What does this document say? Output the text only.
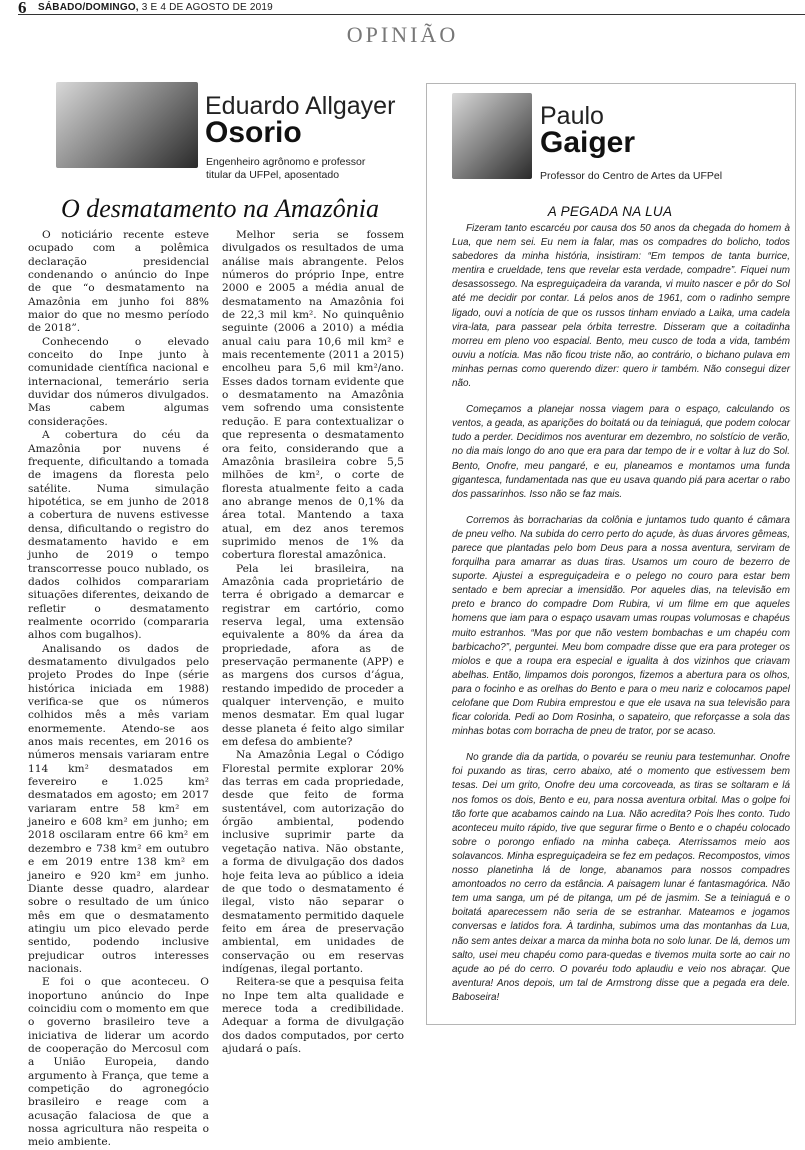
6 SÁBADO/DOMINGO, 3 E 4 DE AGOSTO DE 2019
OPINIÃO
Eduardo Allgayer
Osorio
Engenheiro agrônomo e professor
titular da UFPel, aposentado
O desmatamento na Amazônia

O noticiário recente esteve ocupado com a polêmica declaração presidencial condenando o anúncio do Inpe de que “o desmatamento na Amazônia em junho foi 88% maior do que no mesmo período de 2018”.

Conhecendo o elevado conceito do Inpe junto à comunidade científica nacional e internacional, temerário seria duvidar dos números divulgados. Mas cabem algumas considerações.

A cobertura do céu da Amazônia por nuvens é frequente, dificultando a tomada de imagens da floresta pelo satélite. Numa simulação hipotética, se em junho de 2018 a cobertura de nuvens estivesse densa, dificultando o registro do desmatamento havido e em junho de 2019 o tempo transcorresse pouco nublado, os dados colhidos comparariam situações diferentes, deixando de refletir o desmatamento realmente ocorrido (compararia alhos com bugalhos).

Analisando os dados de desmatamento divulgados pelo projeto Prodes do Inpe (série histórica iniciada em 1988) verifica-se que os números colhidos mês a mês variam enormemente. Atendo-se aos anos mais recentes, em 2016 os números mensais variaram entre 114 km² desmatados em fevereiro e 1.025 km² desmatados em agosto; em 2017 variaram entre 58 km² em janeiro e 608 km² em junho; em 2018 oscilaram entre 66 km² em dezembro e 738 km² em outubro e em 2019 entre 138 km² em janeiro e 920 km² em junho. Diante desse quadro, alardear sobre o resultado de um único mês em que o desmatamento atingiu um pico elevado perde sentido, podendo inclusive prejudicar outros interesses nacionais.

E foi o que aconteceu. O inoportuno anúncio do Inpe coincidiu com o momento em que o governo brasileiro teve a iniciativa de liderar um acordo de cooperação do Mercosul com a União Europeia, dando argumento à França, que teme a competição do agronegócio brasileiro e reage com a acusação falaciosa de que a nossa agricultura não respeita o meio ambiente.

Melhor seria se fossem divulgados os resultados de uma análise mais abrangente. Pelos números do próprio Inpe, entre 2000 e 2005 a média anual de desmatamento na Amazônia foi de 22,3 mil km². No quinquênio seguinte (2006 a 2010) a média anual caiu para 10,6 mil km² e mais recentemente (2011 a 2015) encolheu para 5,6 mil km²/ano. Esses dados tornam evidente que o desmatamento na Amazônia vem sofrendo uma consistente redução. E para contextualizar o que representa o desmatamento ora feito, considerando que a Amazônia brasileira cobre 5,5 milhões de km², o corte de floresta atualmente feito a cada ano abrange menos de 0,1% da área total. Mantendo a taxa atual, em dez anos teremos suprimido menos de 1% da cobertura florestal amazônica.

Pela lei brasileira, na Amazônia cada proprietário de terra é obrigado a demarcar e registrar em cartório, como reserva legal, uma extensão equivalente a 80% da área da propriedade, afora as de preservação permanente (APP) e as margens dos cursos d’água, restando impedido de proceder a qualquer intervenção, e muito menos desmatar. Em qual lugar desse planeta é feito algo similar em defesa do ambiente?

Na Amazônia Legal o Código Florestal permite explorar 20% das terras em cada propriedade, desde que feito de forma sustentável, com autorização do órgão ambiental, podendo inclusive suprimir parte da vegetação nativa. Não obstante, a forma de divulgação dos dados hoje feita leva ao público a ideia de que todo o desmatamento é ilegal, visto não separar o desmatamento permitido daquele feito em área de preservação ambiental, em unidades de conservação ou em reservas indígenas, ilegal portanto.

Reitera-se que a pesquisa feita no Inpe tem alta qualidade e merece toda a credibilidade. Adequar a forma de divulgação dos dados computados, por certo ajudará o país.

Paulo
Gaiger
Professor do Centro de Artes da UFPel
A PEGADA NA LUA

Fizeram tanto escarcéu por causa dos 50 anos da chegada do homem à Lua, que nem sei. Eu nem ia falar, mas os compadres do bolicho, todos sabedores da minha história, insistiram: “Em tempos de tanta burrice, mentira e crueldade, tens que revelar esta verdade, compadre”. Fiquei num desassossego. Na espreguiçadeira da varanda, vi muito nascer e pôr do Sol até me decidir por contar. Lá pelos anos de 1961, com o radinho sempre ligado, ouvi a notícia de que os russos tinham enviado a Laika, uma cadela vira-lata, para passear pela órbita terrestre. Disseram que a coitadinha morreu em pleno voo espacial. Bento, meu cusco de toda a vida, também ouviu a notícia. Mas não ficou triste não, ao contrário, o bichano pulava em minhas pernas como querendo dizer: quero ir também. Não consegui dizer não.

Começamos a planejar nossa viagem para o espaço, calculando os ventos, a geada, as aparições do boitatá ou da teiniaguá, que podem colocar tudo a perder. Decidimos nos aventurar em dezembro, no solstício de verão, no dia mais longo do ano que era para dar tempo de ir e voltar à luz do Sol. Bento, Onofre, meu pangaré, e eu, planeamos e montamos uma funda gigantesca, fundamentada nas que eu usava quando piá para acertar o rabo dos passarinhos. Isso não se faz mais.

Corremos às borracharias da colônia e juntamos tudo quanto é câmara de pneu velho. Na subida do cerro perto do açude, às duas árvores gêmeas, parece que plantadas pelo bom Deus para a nossa aventura, serviram de forquilha para amarrar as duas tiras. Usamos um couro de bezerro de suporte. Ajustei a espreguiçadeira e o pelego no couro para estar bem sentado e bem apreciar a imensidão. Por aqueles dias, na televisão em preto e branco do compadre Dom Rubira, vi um filme em que aqueles homens que iam para o espaço usavam umas roupas volumosas e chapéus muito estranhos. “Mas por que não vestem bombachas e um chapéu com barbicacho?”, perguntei. Meu bom compadre disse que era para proteger os miolos e que a roupa era especial e igualita à dos vizinhos que criavam abelhas. Então, limpamos dois porongos, fizemos a abertura para os olhos, para o focinho e as orelhas do Bento e para o meu nariz e colocamos papel celofane que Dom Rubira emprestou e que ele usava na sua televisão para ficar colorida. Pedi ao Dom Rosinha, o sapateiro, que reforçasse a sola das minhas botas com borracha de pneu de trator, por se acaso.

No grande dia da partida, o povaréu se reuniu para testemunhar. Onofre foi puxando as tiras, cerro abaixo, até o momento que estivessem bem tesas. Dei um grito, Onofre deu uma corcoveada, as tiras se soltaram e lá nos fomos os dois, Bento e eu, para nossa aventura orbital. Mas o golpe foi tão forte que acabamos caindo na Lua. Não acredita? Pois lhes conto. Tudo aconteceu muito rápido, tive que segurar firme o Bento e o chapéu colocado sobre o porongo enfiado na minha cabeça. Aterrissamos meio aos solavancos. Minha espreguiçadeira se fez em pedaços. Recompostos, vimos nosso planetinha lá de longe, abanamos para nossos compadres amontoados no cerro da estância. A paisagem lunar é fantasmagórica. Não tem uma sanga, um pé de pitanga, um pé de jasmim. Se a teiniaguá e o boitatá aparecessem não seria de se estranhar. Mateamos e jogamos conversas e latidos fora. À tardinha, subimos uma das montanhas da Lua, não sem antes deixar a marca da minha bota no solo lunar. De lá, demos um salto, usei meu chapéu como para-quedas e tivemos muita sorte ao cair no açude ao pé do cerro. O povaréu todo aplaudiu e veio nos abraçar. Que aventura! Anos depois, um tal de Armstrong disse que a pegada era dele. Baboseira!
